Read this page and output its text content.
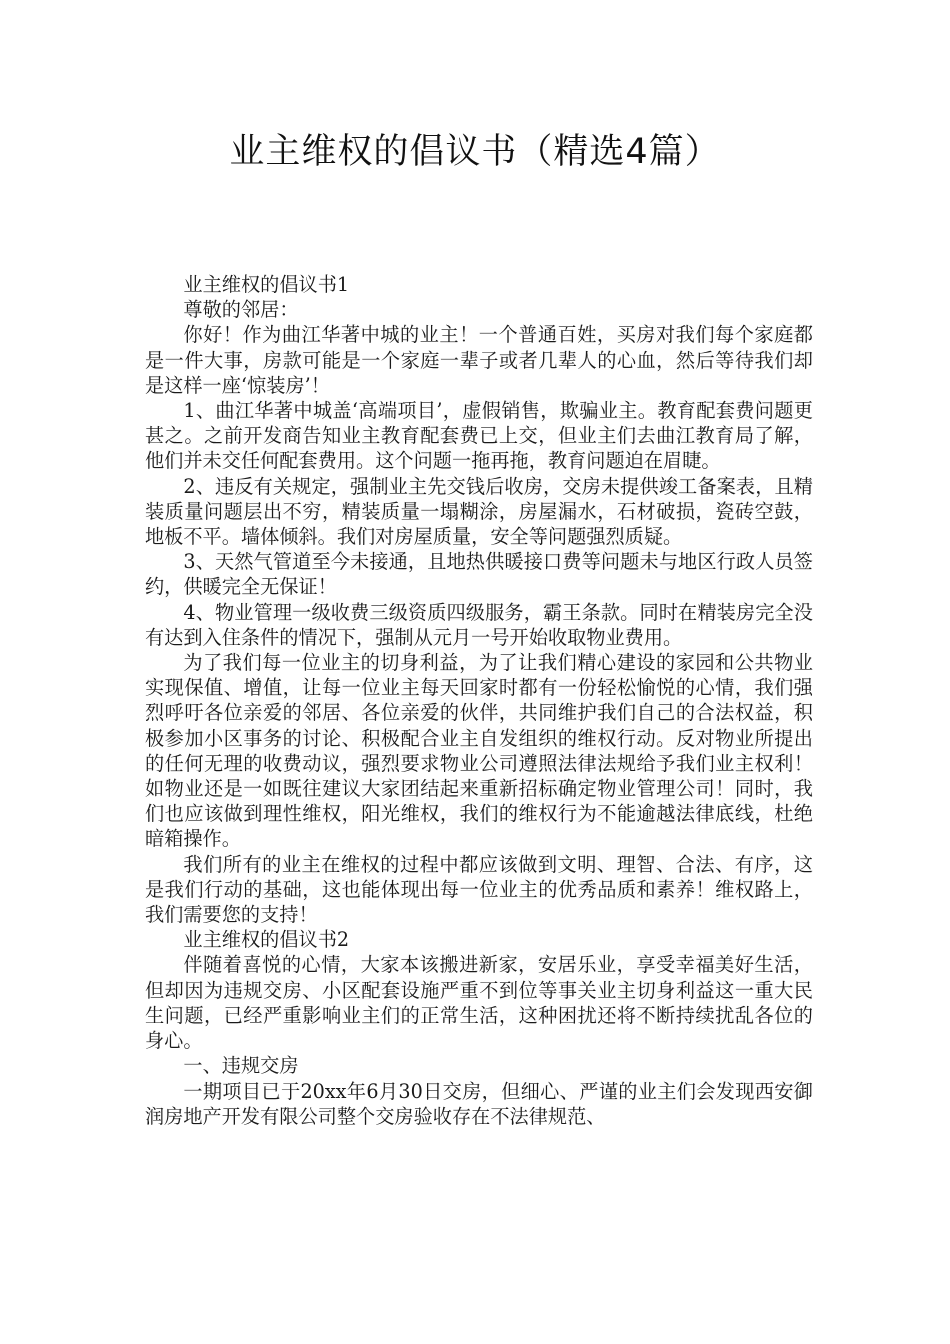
业主维权的倡议书（精选4篇）

业主维权的倡议书1

尊敬的邻居：

你好！作为曲江华著中城的业主！一个普通百姓，买房对我们每个家庭都是一件大事，房款可能是一个家庭一辈子或者几辈人的心血，然后等待我们却是这样一座‘惊装房’！

1、曲江华著中城盖‘高端项目’，虚假销售，欺骗业主。教育配套费问题更甚之。之前开发商告知业主教育配套费已上交，但业主们去曲江教育局了解，他们并未交任何配套费用。这个问题一拖再拖，教育问题迫在眉睫。

2、违反有关规定，强制业主先交钱后收房，交房未提供竣工备案表，且精装质量问题层出不穷，精装质量一塌糊涂，房屋漏水，石材破损，瓷砖空鼓，地板不平。墙体倾斜。我们对房屋质量，安全等问题强烈质疑。

3、天然气管道至今未接通，且地热供暖接口费等问题未与地区行政人员签约，供暖完全无保证！

4、物业管理一级收费三级资质四级服务，霸王条款。同时在精装房完全没有达到入住条件的情况下，强制从元月一号开始收取物业费用。

为了我们每一位业主的切身利益，为了让我们精心建设的家园和公共物业实现保值、增值，让每一位业主每天回家时都有一份轻松愉悦的心情，我们强烈呼吁各位亲爱的邻居、各位亲爱的伙伴，共同维护我们自己的合法权益，积极参加小区事务的讨论、积极配合业主自发组织的维权行动。反对物业所提出的任何无理的收费动议，强烈要求物业公司遵照法律法规给予我们业主权利！如物业还是一如既往建议大家团结起来重新招标确定物业管理公司！同时，我们也应该做到理性维权，阳光维权，我们的维权行为不能逾越法律底线，杜绝暗箱操作。

我们所有的业主在维权的过程中都应该做到文明、理智、合法、有序，这是我们行动的基础，这也能体现出每一位业主的优秀品质和素养！维权路上，我们需要您的支持！

业主维权的倡议书2

伴随着喜悦的心情，大家本该搬进新家，安居乐业，享受幸福美好生活，但却因为违规交房、小区配套设施严重不到位等事关业主切身利益这一重大民生问题，已经严重影响业主们的正常生活，这种困扰还将不断持续扰乱各位的身心。

一、违规交房

一期项目已于20xx年6月30日交房，但细心、严谨的业主们会发现西安御润房地产开发有限公司整个交房验收存在不法律规范、
